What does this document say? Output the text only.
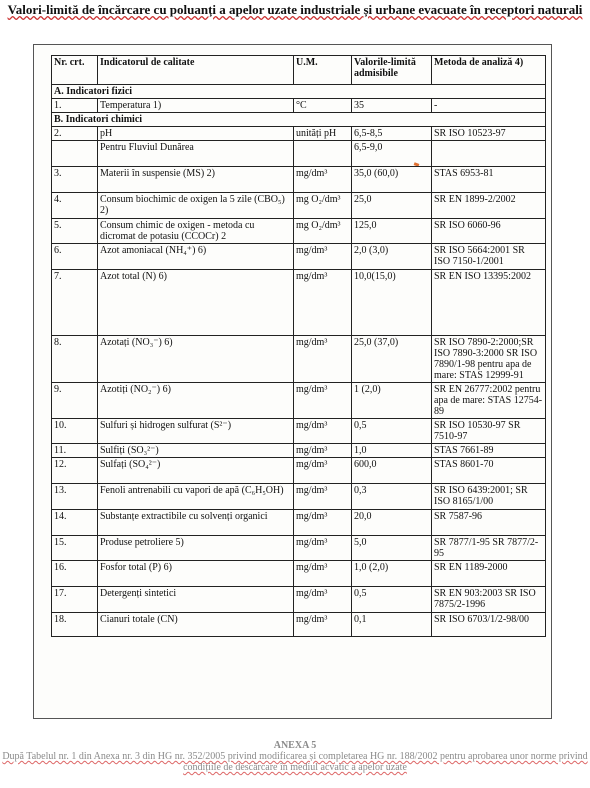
Valori-limită de încărcare cu poluanți a apelor uzate industriale și urbane evacuate în receptori naturali
Nr. crt.	Indicatorul de calitate	U.M.	Valorile-limită admisibile	Metoda de analiză 4)
A. Indicatori fizici				
1.	Temperatura 1)	°C	35	-
B. Indicatori chimici				
2.	pH	unități pH	6,5-8,5	SR ISO 10523-97
	Pentru Fluviul Dunărea		6,5-9,0	
3.	Materii în suspensie (MS) 2)	mg/dm³	35,0 (60,0)	STAS 6953-81
4.	Consum biochimic de oxigen la 5 zile (CBO₅) 2)	mg O₂/dm³	25,0	SR EN 1899-2/2002
5.	Consum chimic de oxigen - metoda cu dicromat de potasiu (CCOCr) 2	mg O₂/dm³	125,0	SR ISO 6060-96
6.	Azot amoniacal (NH₄⁺) 6)	mg/dm³	2,0 (3,0)	SR ISO 5664:2001 SR ISO 7150-1/2001
7.	Azot total (N) 6)	mg/dm³	10,0(15,0)	SR EN ISO 13395:2002
8.	Azotați (NO₃⁻) 6)	mg/dm³	25,0 (37,0)	SR ISO 7890-2:2000;SR ISO 7890-3:2000 SR ISO 7890/1-98 pentru apa de mare: STAS 12999-91
9.	Azotiți (NO₂⁻) 6)	mg/dm³	1 (2,0)	SR EN 26777:2002 pentru apa de mare: STAS 12754-89
10.	Sulfuri și hidrogen sulfurat (S²⁻)	mg/dm³	0,5	SR ISO 10530-97 SR 7510-97
11.	Sulfiți (SO₃²⁻)	mg/dm³	1,0	STAS 7661-89
12.	Sulfați (SO₄²⁻)	mg/dm³	600,0	STAS 8601-70
13.	Fenoli antrenabili cu vapori de apă (C₆H₅OH)	mg/dm³	0,3	SR ISO 6439:2001; SR ISO 8165/1/00
14.	Substanțe extractibile cu solvenți organici	mg/dm³	20,0	SR 7587-96
15.	Produse petroliere 5)	mg/dm³	5,0	SR 7877/1-95 SR 7877/2-95
16.	Fosfor total (P) 6)	mg/dm³	1,0 (2,0)	SR EN 1189-2000
17.	Detergenți sintetici	mg/dm³	0,5	SR EN 903:2003 SR ISO 7875/2-1996
18.	Cianuri totale (CN)	mg/dm³	0,1	SR ISO 6703/1/2-98/00
ANEXA 5
După Tabelul nr. 1 din Anexa nr. 3 din HG nr. 352/2005 privind modificarea și completarea HG nr. 188/2002 pentru aprobarea unor norme privind condițiile de descărcare în mediul acvatic a apelor uzate
